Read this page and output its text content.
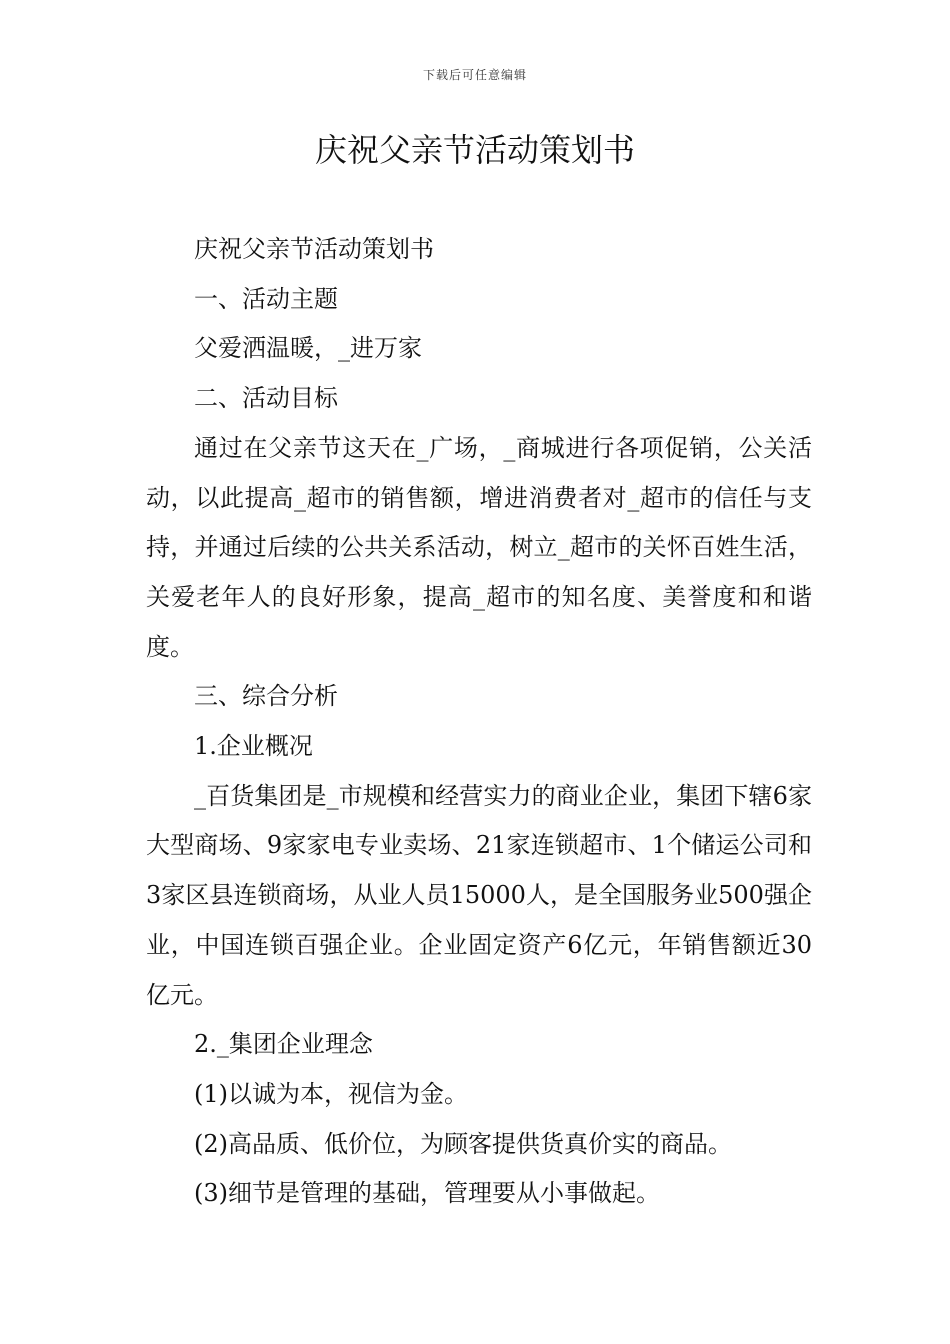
下载后可任意编辑
庆祝父亲节活动策划书

庆祝父亲节活动策划书

一、活动主题

父爱洒温暖，_进万家

二、活动目标

通过在父亲节这天在_广场，_商城进行各项促销，公关活动，以此提高_超市的销售额，增进消费者对_超市的信任与支持，并通过后续的公共关系活动，树立_超市的关怀百姓生活，关爱老年人的良好形象，提高_超市的知名度、美誉度和和谐度。

三、综合分析

1.企业概况

_百货集团是_市规模和经营实力的商业企业，集团下辖6家大型商场、9家家电专业卖场、21家连锁超市、1个储运公司和3家区县连锁商场，从业人员15000人，是全国服务业500强企业，中国连锁百强企业。企业固定资产6亿元，年销售额近30亿元。

2._集团企业理念

(1)以诚为本，视信为金。

(2)高品质、低价位，为顾客提供货真价实的商品。

(3)细节是管理的基础，管理要从小事做起。
